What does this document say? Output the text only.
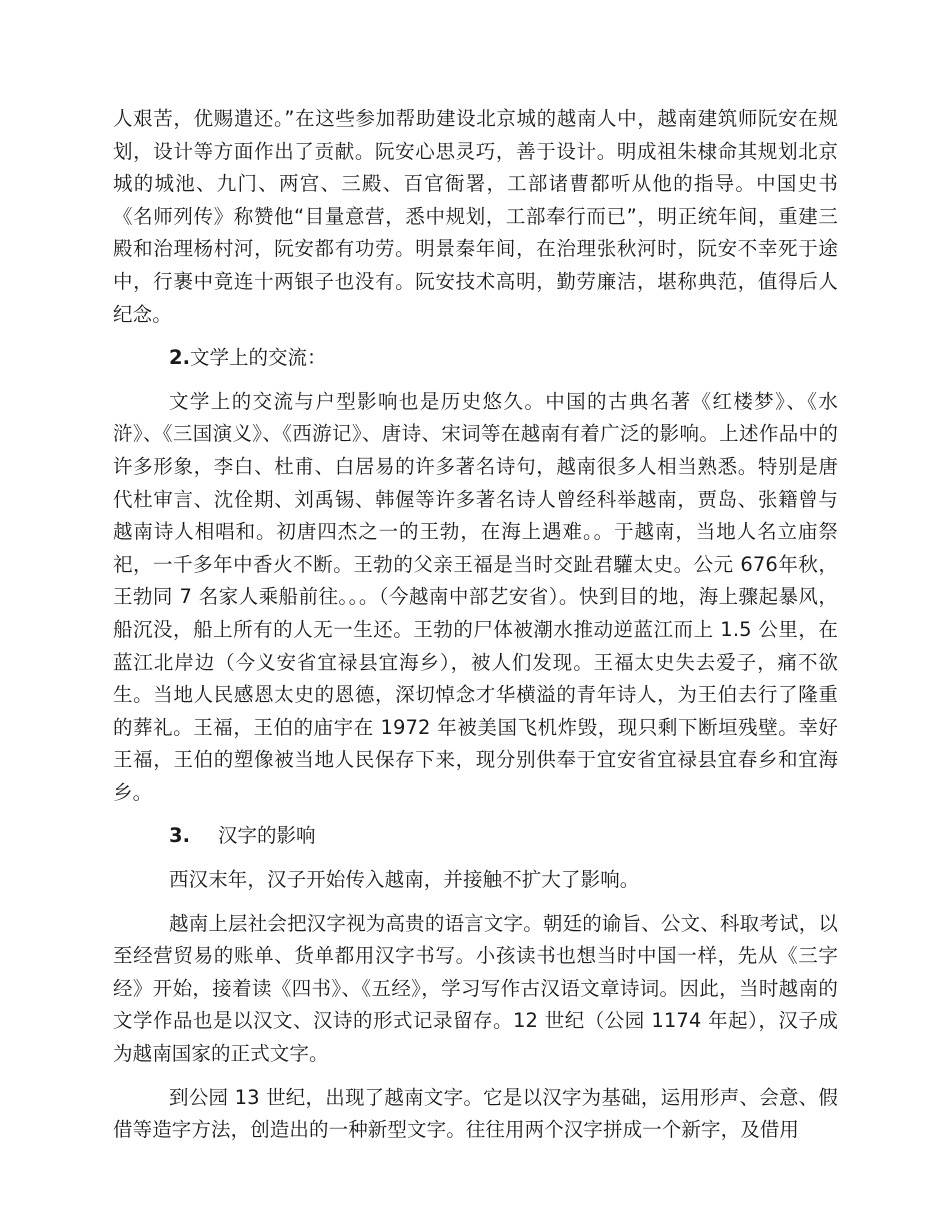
人艰苦，优赐遣还。”在这些参加帮助建设北京城的越南人中，越南建筑师阮安在规划，设计等方面作出了贡献。阮安心思灵巧，善于设计。明成祖朱棣命其规划北京城的城池、九门、两宫、三殿、百官衙署，工部诸曹都听从他的指导。中国史书《名师列传》称赞他“目量意营，悉中规划，工部奉行而已”，明正统年间，重建三殿和治理杨村河，阮安都有功劳。明景秦年间，在治理张秋河时，阮安不幸死于途中，行裹中竟连十两银子也没有。阮安技术高明，勤劳廉洁，堪称典范，值得后人纪念。

2.文学上的交流：

文学上的交流与户型影响也是历史悠久。中国的古典名著《红楼梦》、《水浒》、《三国演义》、《西游记》、唐诗、宋词等在越南有着广泛的影响。上述作品中的许多形象，李白、杜甫、白居易的许多著名诗句，越南很多人相当熟悉。特别是唐代杜审言、沈佺期、刘禹锡、韩偓等许多著名诗人曾经科举越南，贾岛、张籍曾与越南诗人相唱和。初唐四杰之一的王勃，在海上遇难。。于越南，当地人名立庙祭祀，一千多年中香火不断。王勃的父亲王福是当时交趾君驩太史。公元 676年秋，王勃同 7 名家人乘船前往。。。（今越南中部艺安省）。快到目的地，海上骤起暴风，船沉没，船上所有的人无一生还。王勃的尸体被潮水推动逆蓝江而上 1.5 公里，在蓝江北岸边（今义安省宜禄县宜海乡），被人们发现。王福太史失去爱子，痛不欲生。当地人民感恩太史的恩德，深切悼念才华横溢的青年诗人，为王伯去行了隆重的葬礼。王福，王伯的庙宇在 1972 年被美国飞机炸毁，现只剩下断垣残壁。幸好王福，王伯的塑像被当地人民保存下来，现分别供奉于宜安省宜禄县宜春乡和宜海乡。

3. 汉字的影响

西汉末年，汉子开始传入越南，并接触不扩大了影响。

越南上层社会把汉字视为高贵的语言文字。朝廷的谕旨、公文、科取考试，以至经营贸易的账单、货单都用汉字书写。小孩读书也想当时中国一样，先从《三字经》开始，接着读《四书》、《五经》，学习写作古汉语文章诗词。因此，当时越南的文学作品也是以汉文、汉诗的形式记录留存。12 世纪（公园 1174 年起），汉子成为越南国家的正式文字。

到公园 13 世纪，出现了越南文字。它是以汉字为基础，运用形声、会意、假借等造字方法，创造出的一种新型文字。往往用两个汉字拼成一个新字，及借用
